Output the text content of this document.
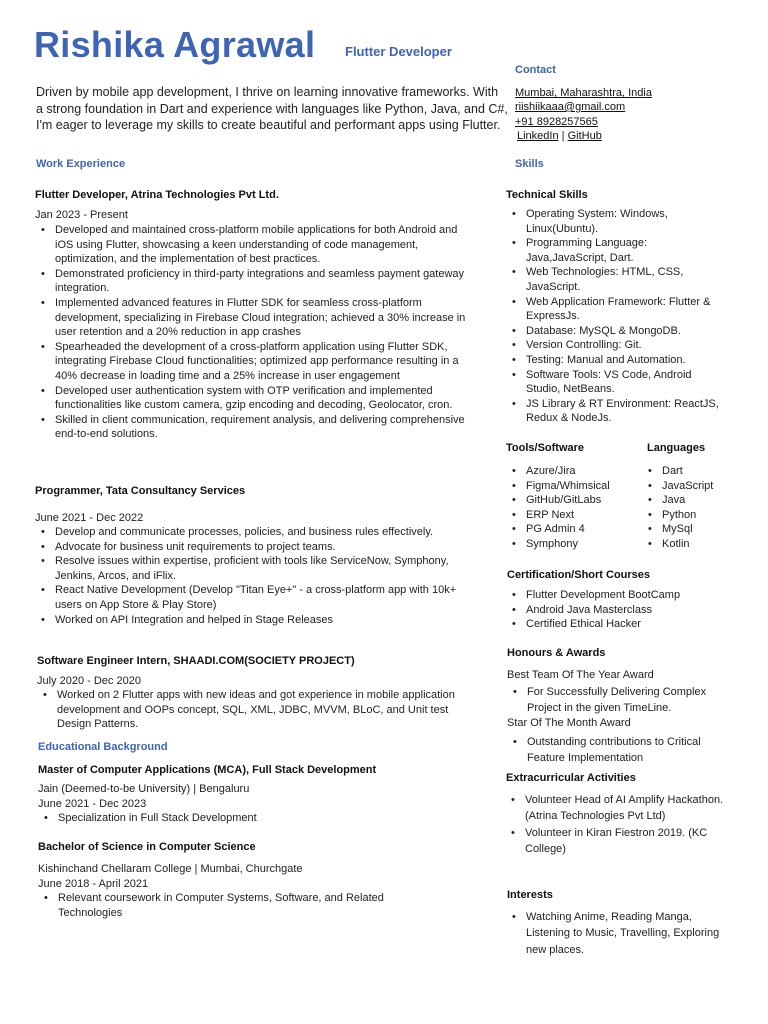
Rishika Agrawal Flutter Developer
Driven by mobile app development, I thrive on learning innovative frameworks. With a strong foundation in Dart and experience with languages like Python, Java, and C#, I'm eager to leverage my skills to create beautiful and performant apps using Flutter.
Work Experience
Flutter Developer, Atrina Technologies Pvt Ltd.
Jan 2023 - Present
• Developed and maintained cross-platform mobile applications for both Android and iOS using Flutter, showcasing a keen understanding of code management, optimization, and the implementation of best practices.
• Demonstrated proficiency in third-party integrations and seamless payment gateway integration.
• Implemented advanced features in Flutter SDK for seamless cross-platform development, specializing in Firebase Cloud integration; achieved a 30% increase in user retention and a 20% reduction in app crashes
• Spearheaded the development of a cross-platform application using Flutter SDK, integrating Firebase Cloud functionalities; optimized app performance resulting in a 40% decrease in loading time and a 25% increase in user engagement
• Developed user authentication system with OTP verification and implemented functionalities like custom camera, gzip encoding and decoding, Geolocator, cron.
• Skilled in client communication, requirement analysis, and delivering comprehensive end-to-end solutions.
Programmer, Tata Consultancy Services
June 2021 - Dec 2022
• Develop and communicate processes, policies, and business rules effectively.
• Advocate for business unit requirements to project teams.
• Resolve issues within expertise, proficient with tools like ServiceNow, Symphony, Jenkins, Arcos, and iFlix.
• React Native Development (Develop "Titan Eye+" - a cross-platform app with 10k+ users on App Store & Play Store)
• Worked on API Integration and helped in Stage Releases
Software Engineer Intern, SHAADI.COM(SOCIETY PROJECT)
July 2020 - Dec 2020
• Worked on 2 Flutter apps with new ideas and got experience in mobile application development and OOPs concept, SQL, XML, JDBC, MVVM, BLoC, and Unit test Design Patterns.
Educational Background
Master of Computer Applications (MCA), Full Stack Development
Jain (Deemed-to-be University) | Bengaluru
June 2021 - Dec 2023
• Specialization in Full Stack Development
Bachelor of Science in Computer Science
Kishinchand Chellaram College | Mumbai, Churchgate
June 2018 - April 2021
• Relevant coursework in Computer Systems, Software, and Related Technologies
Contact
Mumbai, Maharashtra, India
riishiikaaa@gmail.com
+91 8928257565
LinkedIn | GitHub
Skills
Technical Skills
• Operating System: Windows, Linux(Ubuntu).
• Programming Language: Java,JavaScript, Dart.
• Web Technologies: HTML, CSS, JavaScript.
• Web Application Framework: Flutter & ExpressJs.
• Database: MySQL & MongoDB.
• Version Controlling: Git.
• Testing: Manual and Automation.
• Software Tools: VS Code, Android Studio, NetBeans.
• JS Library & RT Environment: ReactJS, Redux & NodeJs.
Tools/Software
• Azure/Jira
• Figma/Whimsical
• GitHub/GitLabs
• ERP Next
• PG Admin 4
• Symphony
Languages
• Dart
• JavaScript
• Java
• Python
• MySql
• Kotlin
Certification/Short Courses
• Flutter Development BootCamp
• Android Java Masterclass
• Certified Ethical Hacker
Honours & Awards
Best Team Of The Year Award
• For Successfully Delivering Complex Project in the given TimeLine.
Star Of The Month Award
• Outstanding contributions to Critical Feature Implementation
Extracurricular Activities
• Volunteer Head of AI Amplify Hackathon. (Atrina Technologies Pvt Ltd)
• Volunteer in Kiran Fiestron 2019. (KC College)
Interests
• Watching Anime, Reading Manga, Listening to Music, Travelling, Exploring new places.
